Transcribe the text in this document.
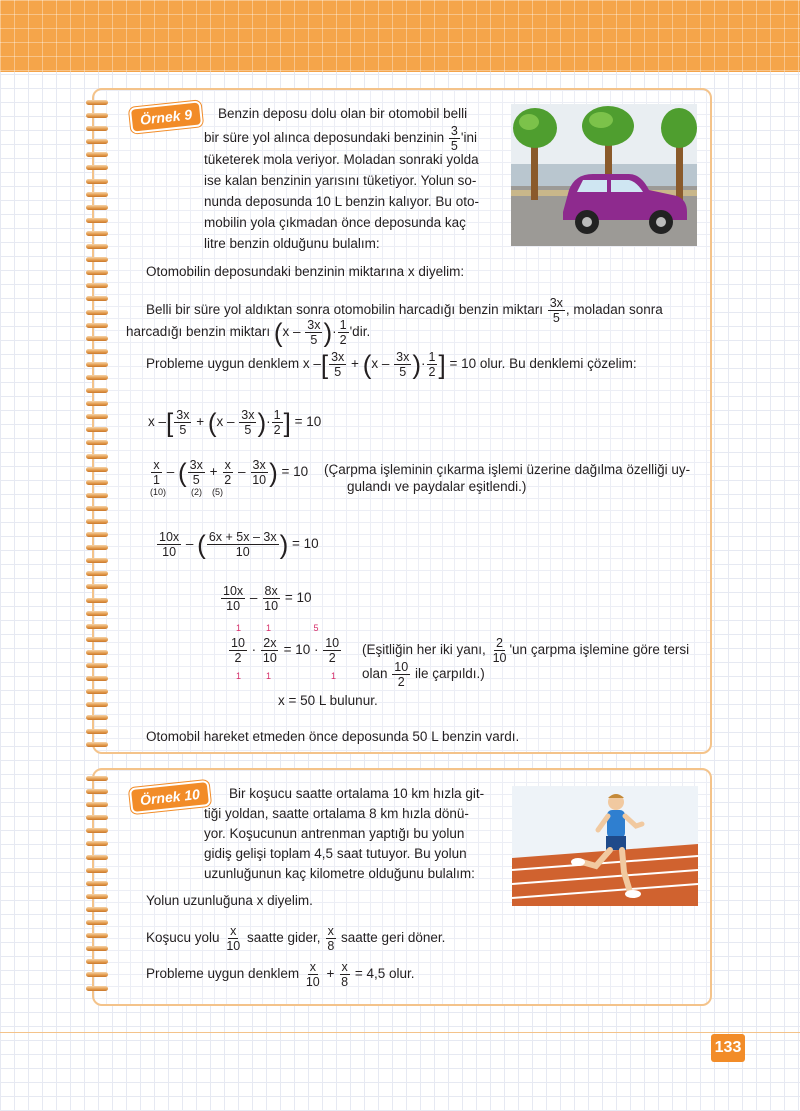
Örnek 9	Benzin deposu dolu olan bir otomobil belli
bir süre yol alınca deposundaki benzinin $\frac{3}{5}$ 'ini
tüketerek mola veriyor. Moladan sonraki yolda
ise kalan benzinin yarısını tüketiyor. Yolun so-
nunda deposunda 10 L benzin kalıyor. Bu oto-
mobilin yola çıkmadan önce deposunda kaç
litre benzin olduğunu bulalım:
Otomobilin deposundaki benzinin miktarına x diyelim:
Belli bir süre yol aldıktan sonra otomobilin harcadığı benzin miktarı $\frac{3x}{5}$ , moladan sonra
harcadığı benzin miktarı ($x - \frac{3x}{5}$ )· $\frac{1}{2}$ 'dir.
Probleme uygun denklem x –[ $\frac{3x}{5} + (x - \frac{3x}{5}$ )· $\frac{1}{2}$ ] = 10 olur. Bu denklemi çözelim:
x –[ $\frac{3x}{5} + (x - \frac{3x}{5}$ )· $\frac{1}{2}$ ] = 10
$\frac{x}{1}$ – ( $\frac{3x}{5} + \frac{x}{2} - \frac{3x}{10}$ ) = 10
(10)          (2)    (5)
(Çarpma işleminin çıkarma işlemi üzerine dağılma özelliği uy-
gulandı ve paydalar eşitlendi.)
$\frac{10x}{10}$ – ( $\frac{6x + 5x - 3x}{10}$ ) = 10
$\frac{10x}{10} - \frac{8x}{10} = 10$
$\frac{10}{2} \cdot \frac{2x}{10} = 10 \cdot \frac{10}{2}$
1          1                 5
1          1                        1
(Eşitliğin her iki yanı, $\frac{2}{10}$ 'un çarpma işlemine göre tersi
olan $\frac{10}{2}$ ile çarpıldı.)
x = 50 L bulunur.
Otomobil hareket etmeden önce deposunda 50 L benzin vardı.
Örnek 10	Bir koşucu saatte ortalama 10 km hızla git-
tiği yoldan, saatte ortalama 8 km hızla dönü-
yor. Koşucunun antrenman yaptığı bu yolun
gidiş gelişi toplam 4,5 saat tutuyor. Bu yolun
uzunluğunun kaç kilometre olduğunu bulalım:
Yolun uzunluğuna x diyelim.
Koşucu yolu $\frac{x}{10}$ saatte gider, $\frac{x}{8}$ saatte geri döner.
Probleme uygun denklem $\frac{x}{10} + \frac{x}{8} = 4,5$ olur.
133
